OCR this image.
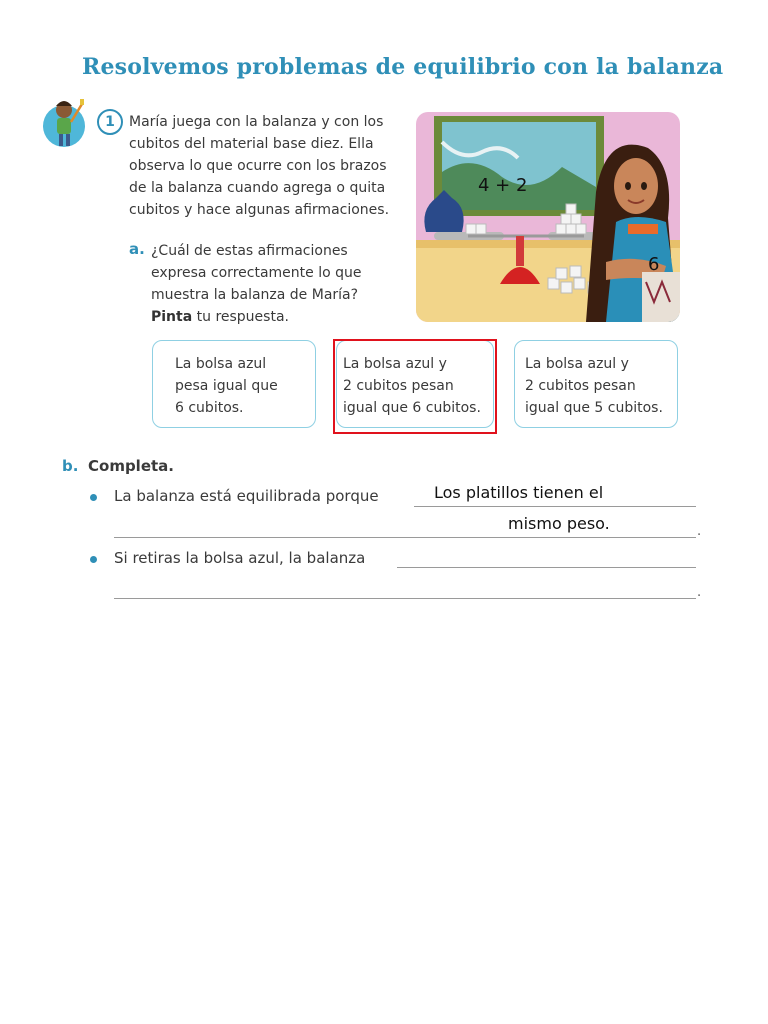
Resolvemos problemas de equilibrio con la balanza
1	María juega con la balanza y con los cubitos del material base diez. Ella observa lo que ocurre con los brazos de la balanza cuando agrega o quita cubitos y hace algunas afirmaciones.
4 + 2
6
a. ¿Cuál de estas afirmaciones expresa correctamente lo que muestra la balanza de María?
Pinta tu respuesta.
La bolsa azul
pesa igual que
6 cubitos.
La bolsa azul y
2 cubitos pesan
igual que 6 cubitos.
La bolsa azul y
2 cubitos pesan
igual que 5 cubitos.
b. Completa.
La balanza está equilibrada porque	Los platillos tienen el
mismo peso.	.
Si retiras la bolsa azul, la balanza
.
